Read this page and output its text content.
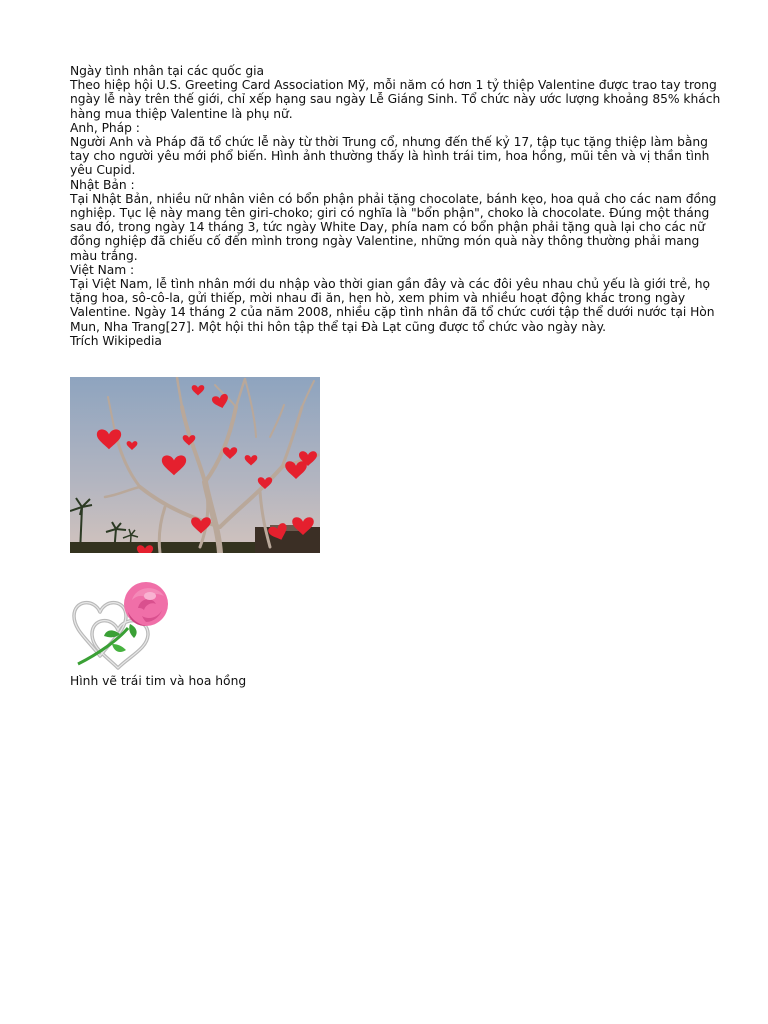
Ngày tình nhân tại các quốc gia

Theo hiệp hội U.S. Greeting Card Association Mỹ, mỗi năm có hơn 1 tỷ thiệp Valentine được trao tay trong ngày lễ này trên thế giới, chỉ xếp hạng sau ngày Lễ Giáng Sinh. Tổ chức này ước lượng khoảng 85% khách hàng mua thiệp Valentine là phụ nữ.

Anh, Pháp :

Người Anh và Pháp đã tổ chức lễ này từ thời Trung cổ, nhưng đến thế kỷ 17, tập tục tặng thiệp làm bằng tay cho người yêu mới phổ biến. Hình ảnh thường thấy là hình trái tim, hoa hồng, mũi tên và vị thần tình yêu Cupid.

Nhật Bản :

Tại Nhật Bản, nhiều nữ nhân viên có bổn phận phải tặng chocolate, bánh kẹo, hoa quả cho các nam đồng nghiệp. Tục lệ này mang tên giri-choko; giri có nghĩa là "bổn phận", choko là chocolate. Đúng một tháng sau đó, trong ngày 14 tháng 3, tức ngày White Day, phía nam có bổn phận phải tặng quà lại cho các nữ đồng nghiệp đã chiếu cố đến mình trong ngày Valentine, những món quà này thông thường phải mang màu trắng.

Việt Nam :

Tại Việt Nam, lễ tình nhân mới du nhập vào thời gian gần đây và các đôi yêu nhau chủ yếu là giới trẻ, họ tặng hoa, sô-cô-la, gửi thiếp, mời nhau đi ăn, hẹn hò, xem phim và nhiều hoạt động khác trong ngày Valentine. Ngày 14 tháng 2 của năm 2008, nhiều cặp tình nhân đã tổ chức cưới tập thể dưới nước tại Hòn Mun, Nha Trang[27]. Một hội thi hôn tập thể tại Đà Lạt cũng được tổ chức vào ngày này.

Trích Wikipedia

Hình vẽ trái tim và hoa hồng
